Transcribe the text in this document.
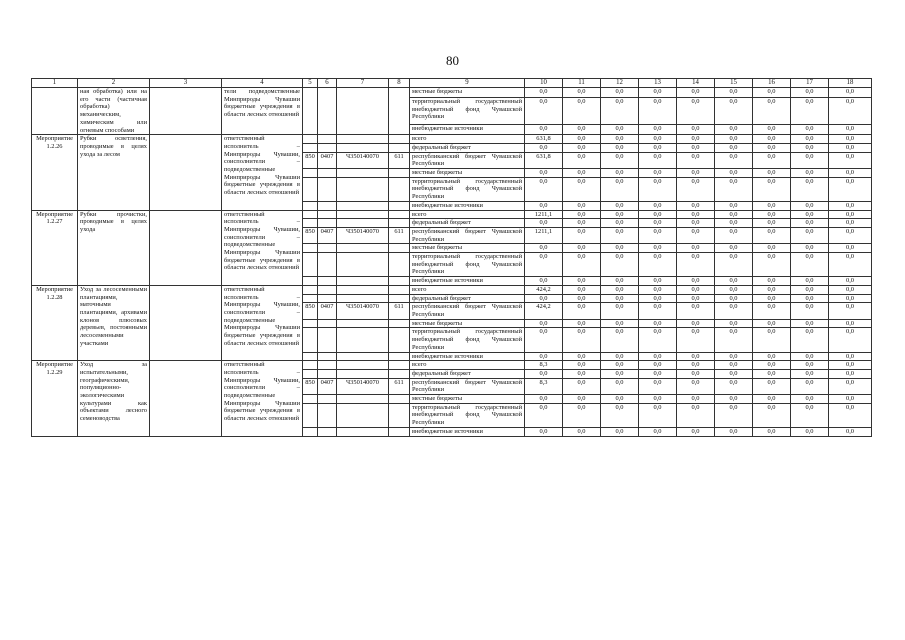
80
1	2	3	4	5	6	7	8	9	10	11	12	13	14	15	16	17	18
	ная обработка) или на его части (частичная обработка) механическим, химическим или огневым способами		тели подведомственные Минприроды Чувашии бюджетные учреждения в области лесных отношений					местные бюджеты	0,0	0,0	0,0	0,0	0,0	0,0	0,0	0,0	0,0
								территориальный государственный внебюджетный фонд Чувашской Республики	0,0	0,0	0,0	0,0	0,0	0,0	0,0	0,0	0,0
								внебюджетные источники	0,0	0,0	0,0	0,0	0,0	0,0	0,0	0,0	0,0
Мероприятие 1.2.26	Рубки осветления, проводимые в целях ухода за лесом		ответственный исполнитель – Минприроды Чувашии, соисполнители – подведомственные Минприроды Чувашии бюджетные учреждения в области лесных отношений					всего	631,8	0,0	0,0	0,0	0,0	0,0	0,0	0,0	0,0
								федеральный бюджет	0,0	0,0	0,0	0,0	0,0	0,0	0,0	0,0	0,0
				850	0407	Ч350140070	611	республиканский бюджет Чувашской Республики	631,8	0,0	0,0	0,0	0,0	0,0	0,0	0,0	0,0
								местные бюджеты	0,0	0,0	0,0	0,0	0,0	0,0	0,0	0,0	0,0
								территориальный государственный внебюджетный фонд Чувашской Республики	0,0	0,0	0,0	0,0	0,0	0,0	0,0	0,0	0,0
								внебюджетные источники	0,0	0,0	0,0	0,0	0,0	0,0	0,0	0,0	0,0
Мероприятие 1.2.27	Рубки прочистки, проводимые в целях ухода		ответственный исполнитель – Минприроды Чувашии, соисполнители – подведомственные Минприроды Чувашии бюджетные учреждения в области лесных отношений					всего	1211,1	0,0	0,0	0,0	0,0	0,0	0,0	0,0	0,0
								федеральный бюджет	0,0	0,0	0,0	0,0	0,0	0,0	0,0	0,0	0,0
				850	0407	Ч350140070	611	республиканский бюджет Чувашской Республики	1211,1	0,0	0,0	0,0	0,0	0,0	0,0	0,0	0,0
								местные бюджеты	0,0	0,0	0,0	0,0	0,0	0,0	0,0	0,0	0,0
								территориальный государственный внебюджетный фонд Чувашской Республики	0,0	0,0	0,0	0,0	0,0	0,0	0,0	0,0	0,0
								внебюджетные источники	0,0	0,0	0,0	0,0	0,0	0,0	0,0	0,0	0,0
Мероприятие 1.2.28	Уход за лесосеменными плантациями, маточными плантациями, архивами клонов плюсовых деревьев, постоянными лесосеменными участками		ответственный исполнитель – Минприроды Чувашии, соисполнители – подведомственные Минприроды Чувашии бюджетные учреждения в области лесных отношений					всего	424,2	0,0	0,0	0,0	0,0	0,0	0,0	0,0	0,0
								федеральный бюджет	0,0	0,0	0,0	0,0	0,0	0,0	0,0	0,0	0,0
				850	0407	Ч350140070	611	республиканский бюджет Чувашской Республики	424,2	0,0	0,0	0,0	0,0	0,0	0,0	0,0	0,0
								местные бюджеты	0,0	0,0	0,0	0,0	0,0	0,0	0,0	0,0	0,0
								территориальный государственный внебюджетный фонд Чувашской Республики	0,0	0,0	0,0	0,0	0,0	0,0	0,0	0,0	0,0
								внебюджетные источники	0,0	0,0	0,0	0,0	0,0	0,0	0,0	0,0	0,0
Мероприятие 1.2.29	Уход за испытательными, географическими, популяционно-экологическими культурами как объектами лесного семеноводства		ответственный исполнитель – Минприроды Чувашии, соисполнители – подведомственные Минприроды Чувашии бюджетные учреждения в области лесных отношений					всего	8,3	0,0	0,0	0,0	0,0	0,0	0,0	0,0	0,0
								федеральный бюджет	0,0	0,0	0,0	0,0	0,0	0,0	0,0	0,0	0,0
				850	0407	Ч350140070	611	республиканский бюджет Чувашской Республики	8,3	0,0	0,0	0,0	0,0	0,0	0,0	0,0	0,0
								местные бюджеты	0,0	0,0	0,0	0,0	0,0	0,0	0,0	0,0	0,0
								территориальный государственный внебюджетный фонд Чувашской Республики	0,0	0,0	0,0	0,0	0,0	0,0	0,0	0,0	0,0
								внебюджетные источники	0,0	0,0	0,0	0,0	0,0	0,0	0,0	0,0	0,0
